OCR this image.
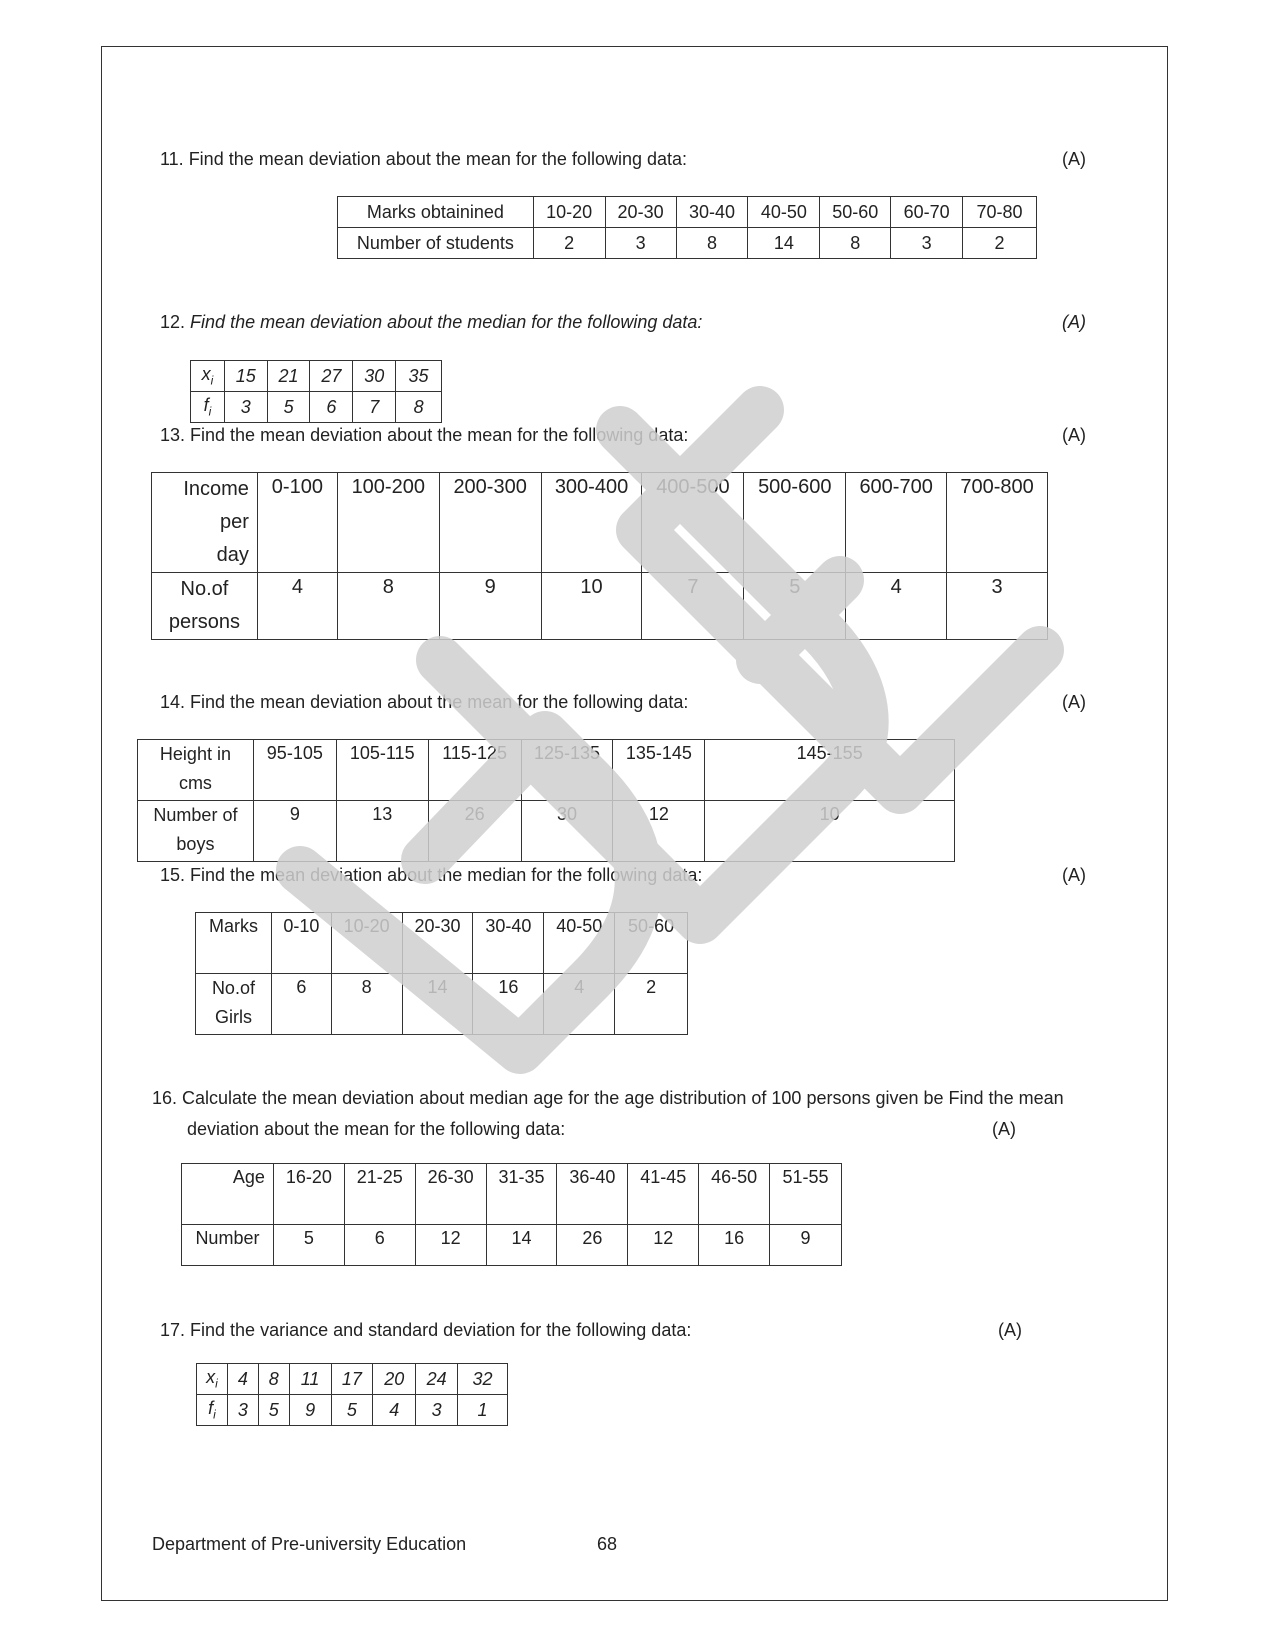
11. Find the mean deviation about the mean for the following data:	(A)
Marks obtainined	10-20	20-30	30-40	40-50	50-60	60-70	70-80
Number of students	2	3	8	14	8	3	2
12. Find the mean deviation about the median for the following data:	(A)
$x_i$	15	21	27	30	35
$f_i$	3	5	6	7	8
13. Find the mean deviation about the mean for the following data:	(A)
Income
per
day	0-100	100-200	200-300	300-400	400-500	500-600	600-700	700-800

No.of
persons	4	8	9	10	7	5	4	3
14. Find the mean deviation about the mean for the following data:	(A)
Height in
cms	95-105	105-115	115-125	125-135	135-145	145-155

Number of
boys	9	13	26	30	12	10
15. Find the mean deviation about the median for the following data:	(A)
Marks	0-10	10-20	20-30	30-40	40-50	50-60

No.of
Girls	6	8	14	16	4	2
16. Calculate the mean deviation about median age for the age distribution of 100 persons given be Find the mean
deviation about the mean for the following data:	(A)
Age	16-20	21-25	26-30	31-35	36-40	41-45	46-50	51-55
Number	5	6	12	14	26	12	16	9
17. Find the variance and standard deviation for the following data:	(A)
$x_i$	4	8	11	17	20	24	32
$f_i$	3	5	9	5	4	3	1
Department of Pre-university Education	68
